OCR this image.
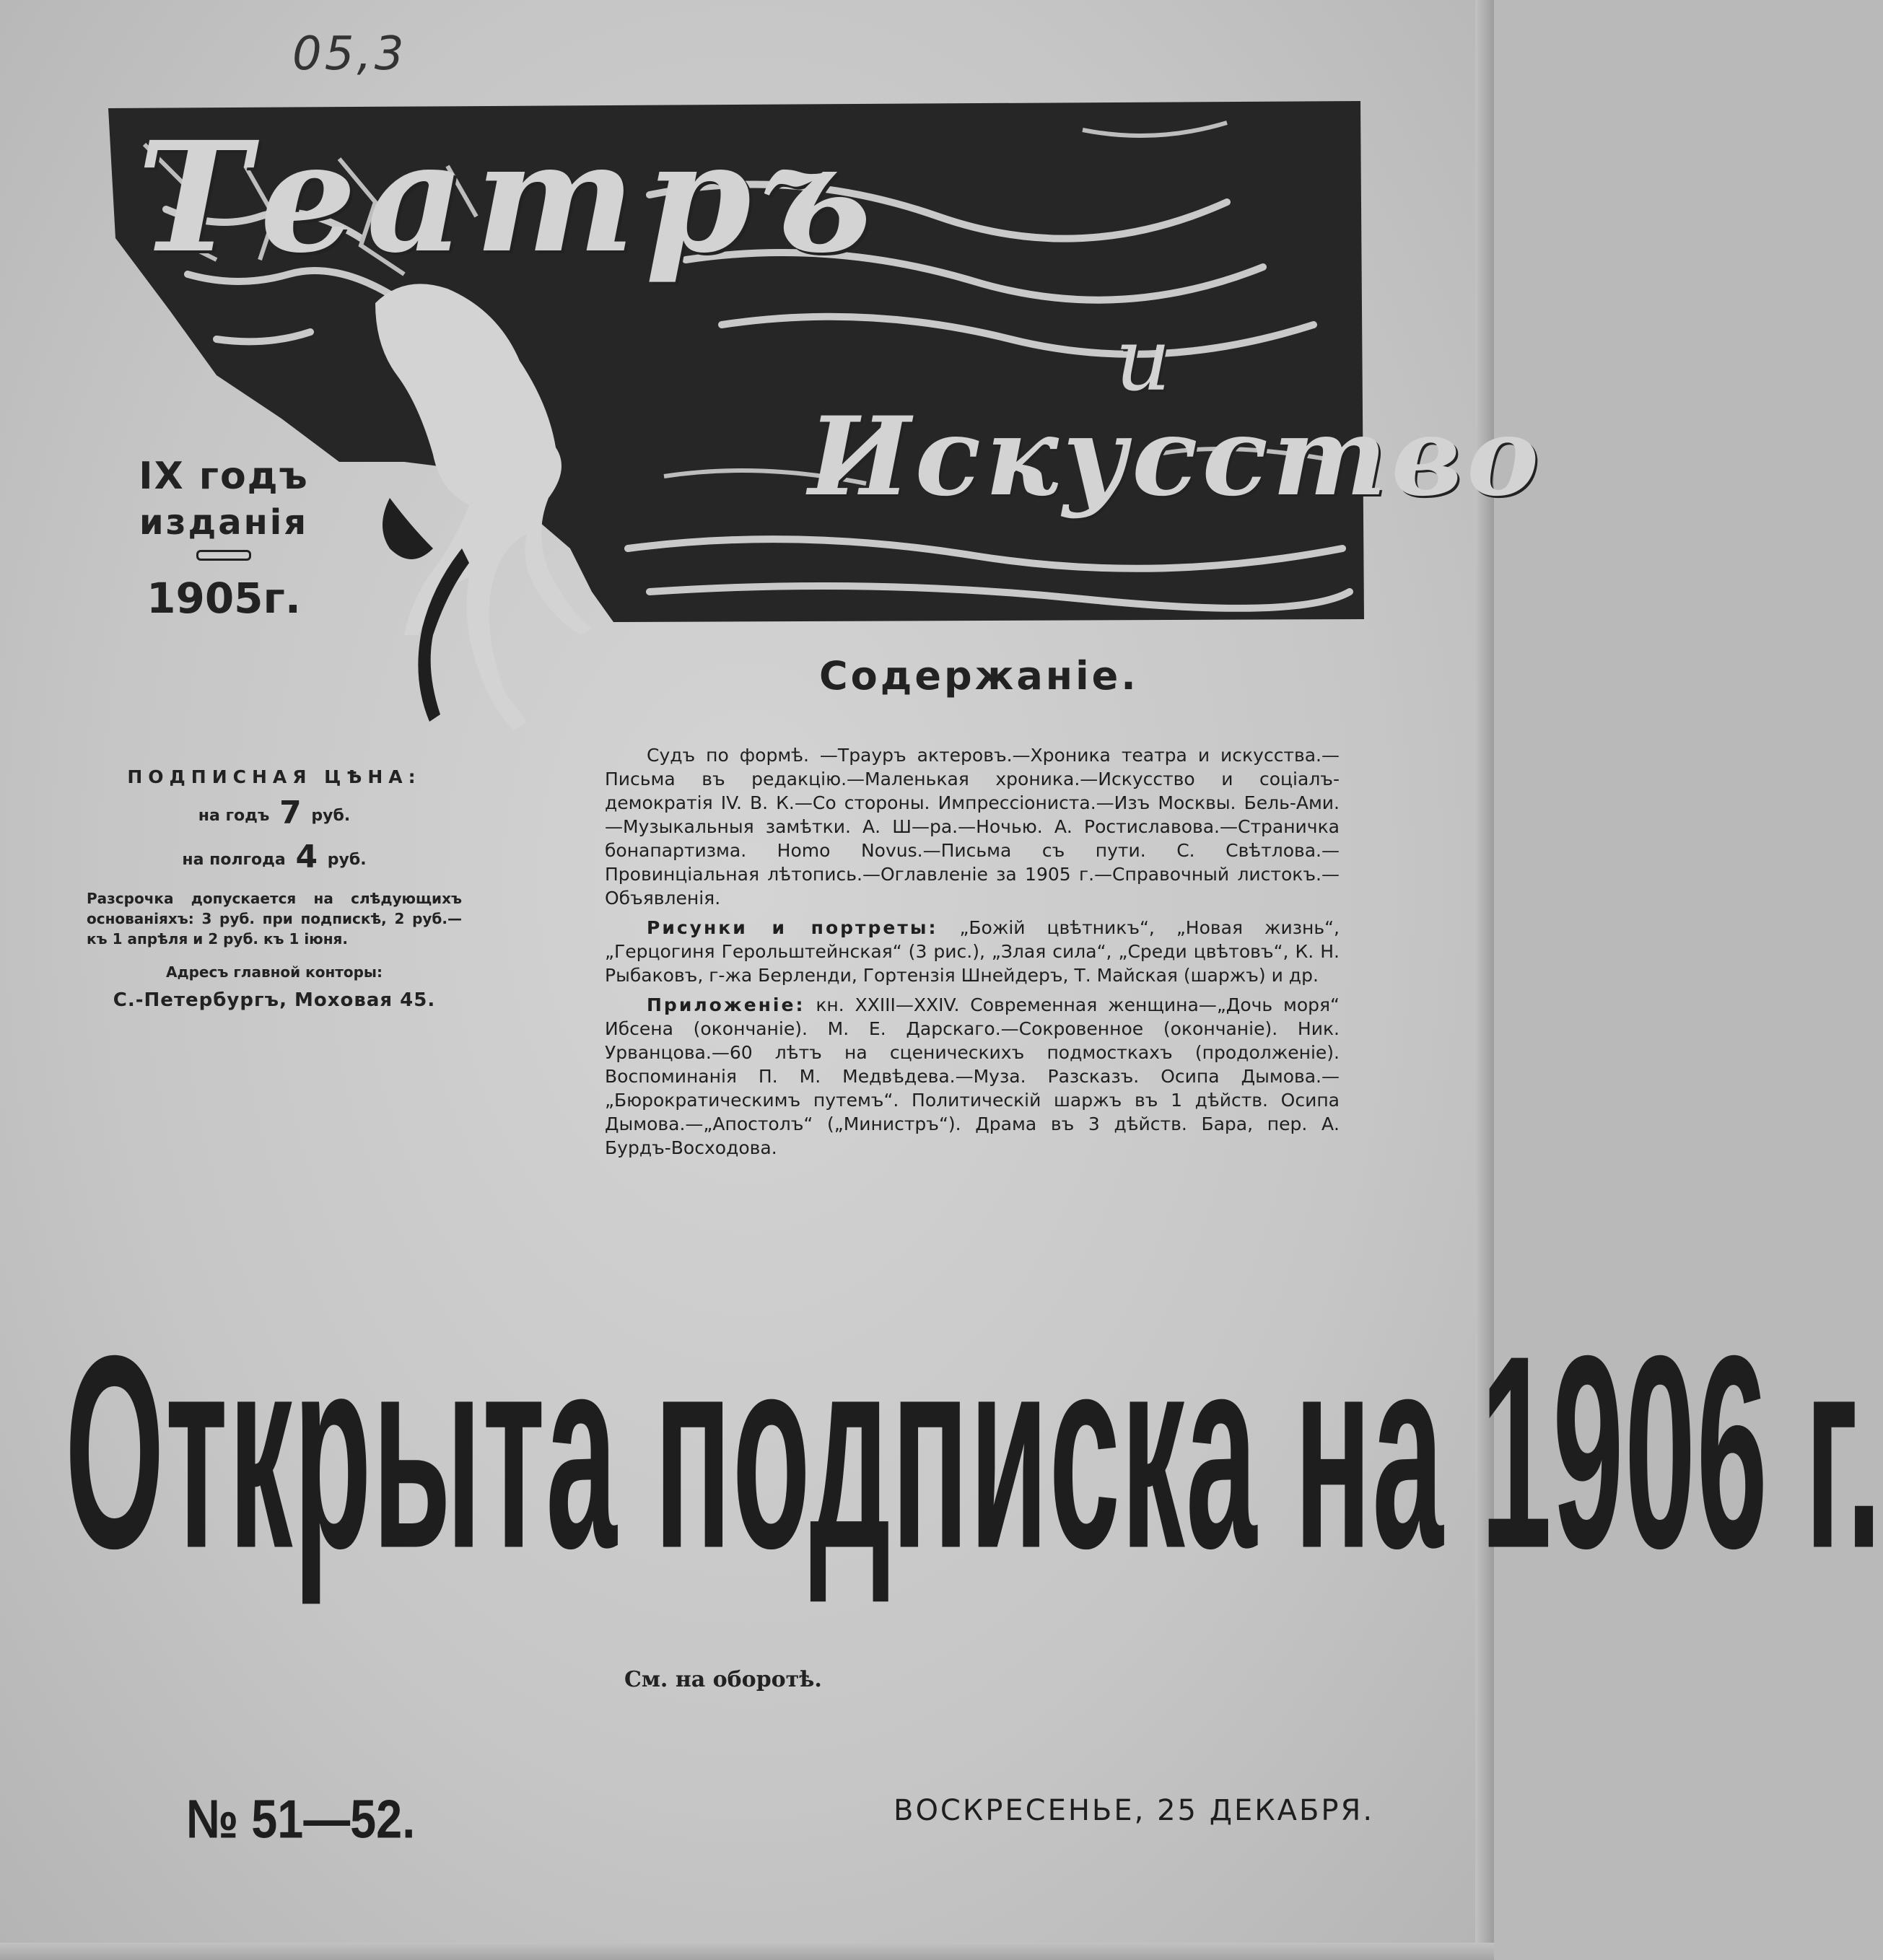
05,3
Театръ
и
Искусство
IX годъ
изданія
1905г.
Содержаніе.
ПОДПИСНАЯ ЦѢНА:
на годъ 7 руб.
на полгода 4 руб.
Разсрочка допускается на слѣдующихъ основаніяхъ: 3 руб. при подпискѣ, 2 руб.—къ 1 апрѣля и 2 руб. къ 1 іюня.
Адресъ главной конторы:
С.-Петербургъ, Моховая 45.

Судъ по формѣ. —Трауръ актеровъ.—Хроника театра и искусства.—Письма въ редакцію.—Маленькая хроника.—Искусство и соціалъ-демократія IV. В. К.—Со стороны. Импрессіониста.—Изъ Москвы. Бель-Ами.—Музыкальныя замѣтки. А. Ш—ра.—Ночью. А. Ростиславова.—Страничка бонапартизма. Homo Novus.—Письма съ пути. С. Свѣтлова.—Провинціальная лѣтопись.—Оглавленіе за 1905 г.—Справочный листокъ.—Объявленія.

Рисунки и портреты: „Божій цвѣтникъ“, „Новая жизнь“, „Герцогиня Герольштейнская“ (3 рис.), „Злая сила“, „Среди цвѣтовъ“, К. Н. Рыбаковъ, г-жа Берленди, Гортензія Шнейдеръ, Т. Майская (шаржъ) и др.

Приложеніе: кн. XXIII—XXIV. Современная женщина—„Дочь моря“ Ибсена (окончаніе). М. Е. Дарскаго.—Сокровенное (окончаніе). Ник. Урванцова.—60 лѣтъ на сценическихъ подмосткахъ (продолженіе). Воспоминанія П. М. Медвѣдева.—Муза. Разсказъ. Осипа Дымова.—„Бюрократическимъ путемъ“. Политическій шаржъ въ 1 дѣйств. Осипа Дымова.—„Апостолъ“ („Министръ“). Драма въ 3 дѣйств. Бара, пер. А. Бурдъ-Восходова.

Открыта подписка на 1906 г.
См. на оборотѣ.
№ 51—52.	ВОСКРЕСЕНЬЕ, 25 ДЕКАБРЯ.
